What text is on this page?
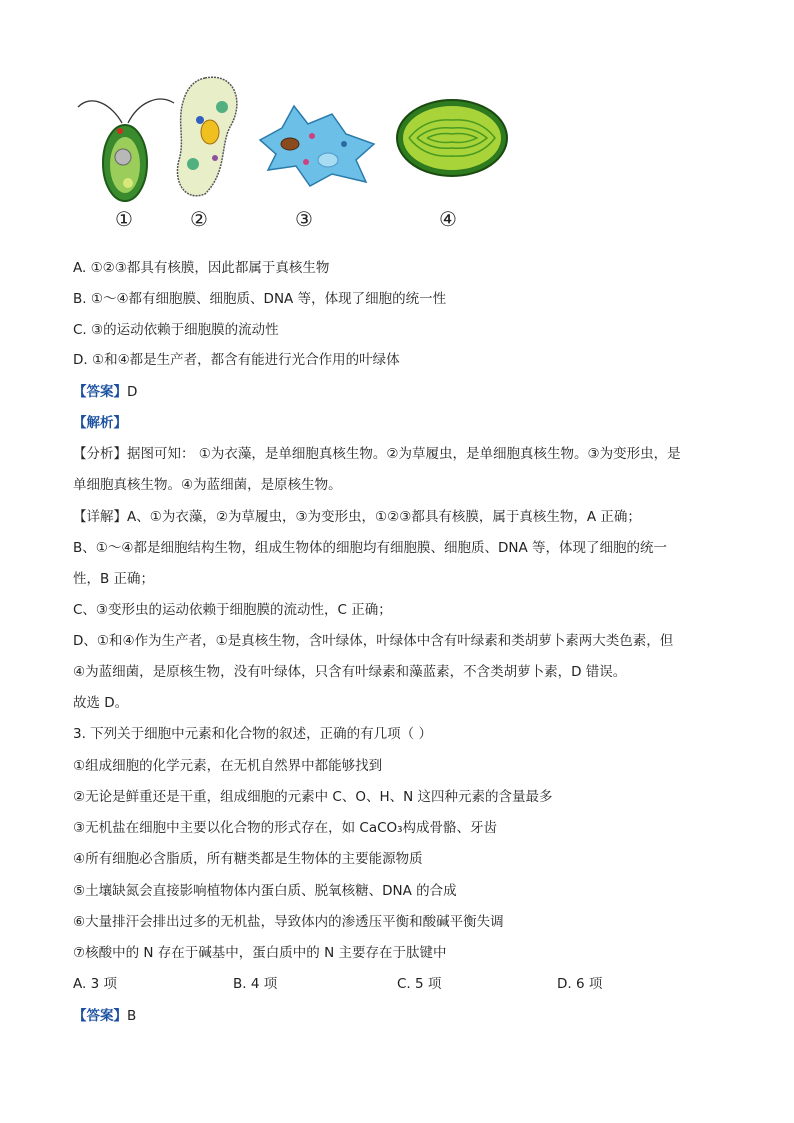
①	②	③	④
A. ①②③都具有核膜，因此都属于真核生物
B. ①～④都有细胞膜、细胞质、DNA 等，体现了细胞的统一性
C. ③的运动依赖于细胞膜的流动性
D. ①和④都是生产者，都含有能进行光合作用的叶绿体
【答案】D
【解析】
【分析】据图可知： ①为衣藻，是单细胞真核生物。②为草履虫，是单细胞真核生物。③为变形虫，是
单细胞真核生物。④为蓝细菌，是原核生物。
【详解】A、①为衣藻，②为草履虫，③为变形虫，①②③都具有核膜，属于真核生物，A 正确；
B、①～④都是细胞结构生物，组成生物体的细胞均有细胞膜、细胞质、DNA 等，体现了细胞的统一
性，B 正确；
C、③变形虫的运动依赖于细胞膜的流动性，C 正确；
D、①和④作为生产者，①是真核生物，含叶绿体，叶绿体中含有叶绿素和类胡萝卜素两大类色素，但
④为蓝细菌，是原核生物，没有叶绿体，只含有叶绿素和藻蓝素，不含类胡萝卜素，D 错误。
故选 D。
3. 下列关于细胞中元素和化合物的叙述，正确的有几项（ ）
①组成细胞的化学元素，在无机自然界中都能够找到
②无论是鲜重还是干重，组成细胞的元素中 C、O、H、N 这四种元素的含量最多
③无机盐在细胞中主要以化合物的形式存在，如 CaCO₃构成骨骼、牙齿
④所有细胞必含脂质，所有糖类都是生物体的主要能源物质
⑤土壤缺氮会直接影响植物体内蛋白质、脱氧核糖、DNA 的合成
⑥大量排汗会排出过多的无机盐，导致体内的渗透压平衡和酸碱平衡失调
⑦核酸中的 N 存在于碱基中，蛋白质中的 N 主要存在于肽键中
A. 3 项	B. 4 项	C. 5 项	D. 6 项
【答案】B
